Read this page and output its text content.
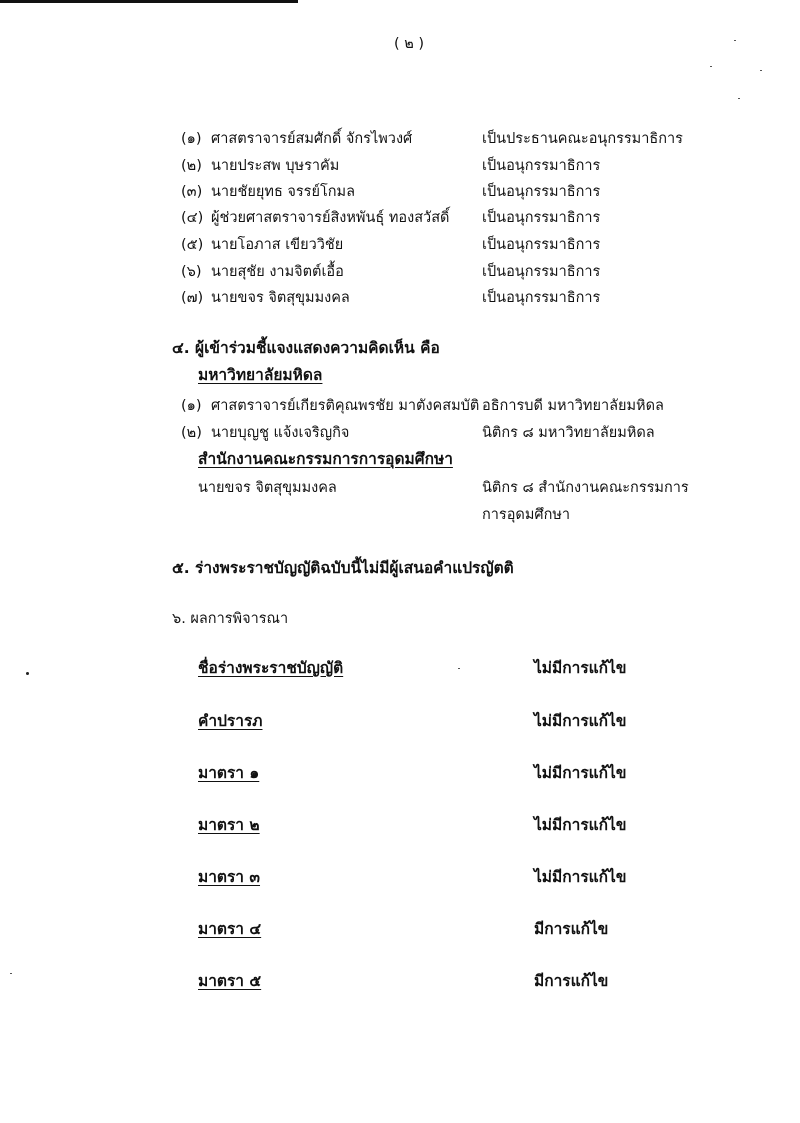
( ๒ )
(๑) ศาสตราจารย์สมศักดิ์ จักรไพวงศ์	เป็นประธานคณะอนุกรรมาธิการ
(๒) นายประสพ บุษราคัม	เป็นอนุกรรมาธิการ
(๓) นายชัยยุทธ จรรย์โกมล	เป็นอนุกรรมาธิการ
(๔) ผู้ช่วยศาสตราจารย์สิงหพันธุ์ ทองสวัสดิ์ เป็นอนุกรรมาธิการ
(๕) นายโอภาส เขียววิชัย	เป็นอนุกรรมาธิการ
(๖) นายสุชัย งามจิตต์เอื้อ	เป็นอนุกรรมาธิการ
(๗) นายขจร จิตสุขุมมงคล	เป็นอนุกรรมาธิการ
๔. ผู้เข้าร่วมชี้แจงแสดงความคิดเห็น คือ
มหาวิทยาลัยมหิดล
(๑) ศาสตราจารย์เกียรติคุณพรชัย มาตังคสมบัติ อธิการบดี มหาวิทยาลัยมหิดล
(๒) นายบุญชู แจ้งเจริญกิจ	นิติกร ๘ มหาวิทยาลัยมหิดล
สำนักงานคณะกรรมการการอุดมศึกษา
นายขจร จิตสุขุมมงคล	นิติกร ๘ สำนักงานคณะกรรมการ
การอุดมศึกษา
๕. ร่างพระราชบัญญัติฉบับนี้ไม่มีผู้เสนอคำแปรญัตติ
๖. ผลการพิจารณา
ชื่อร่างพระราชบัญญัติ	ไม่มีการแก้ไข
คำปรารภ	ไม่มีการแก้ไข
มาตรา ๑	ไม่มีการแก้ไข
มาตรา ๒	ไม่มีการแก้ไข
มาตรา ๓	ไม่มีการแก้ไข
มาตรา ๔	มีการแก้ไข
มาตรา ๕	มีการแก้ไข
